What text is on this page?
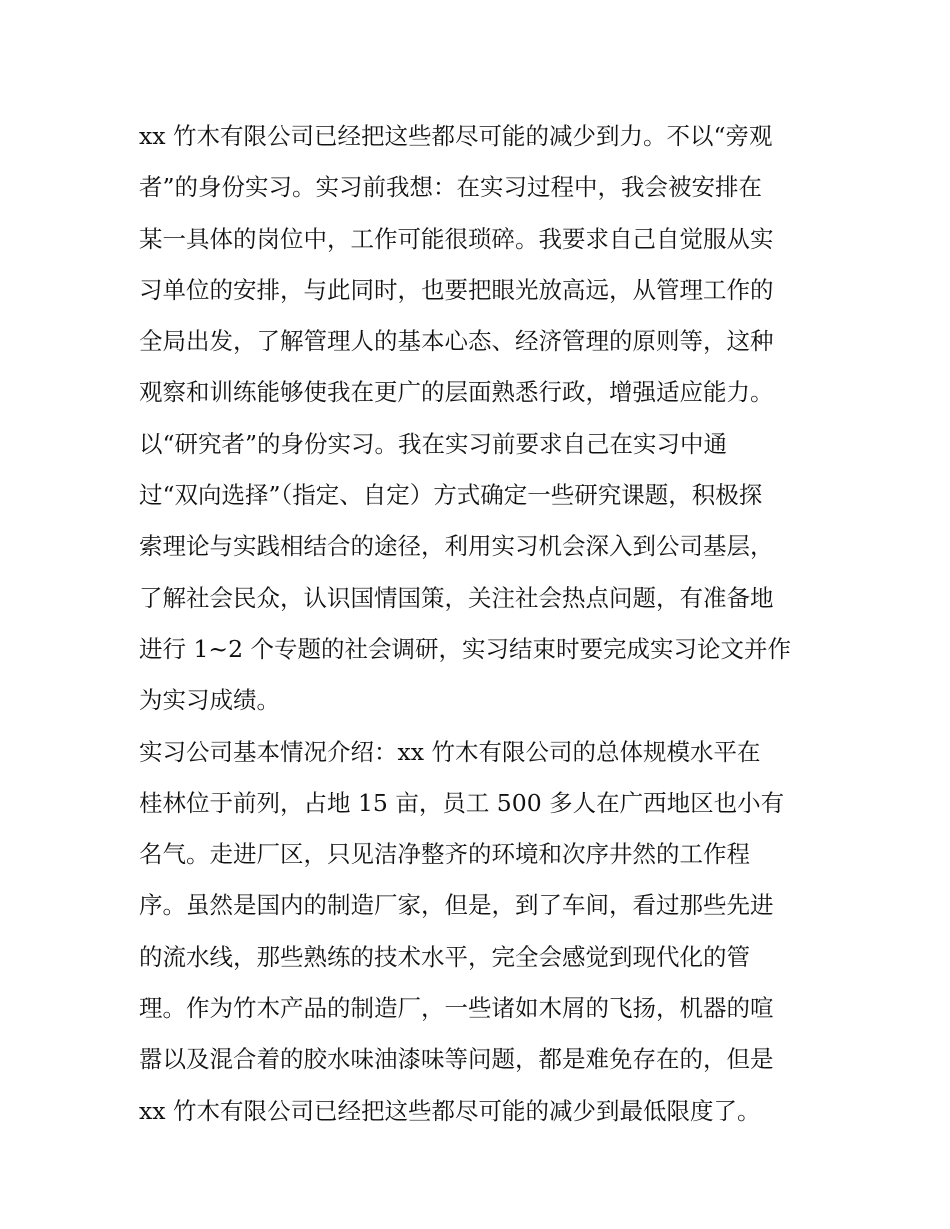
xx 竹木有限公司已经把这些都尽可能的减少到力。不以“旁观
者”的身份实习。实习前我想：在实习过程中，我会被安排在
某一具体的岗位中，工作可能很琐碎。我要求自己自觉服从实
习单位的安排，与此同时，也要把眼光放高远，从管理工作的
全局出发，了解管理人的基本心态、经济管理的原则等，这种
观察和训练能够使我在更广的层面熟悉行政，增强适应能力。
以“研究者”的身份实习。我在实习前要求自己在实习中通
过“双向选择”（指定、自定）方式确定一些研究课题，积极探
索理论与实践相结合的途径，利用实习机会深入到公司基层，
了解社会民众，认识国情国策，关注社会热点问题，有准备地
进行 1~2 个专题的社会调研，实习结束时要完成实习论文并作
为实习成绩。
实习公司基本情况介绍：xx 竹木有限公司的总体规模水平在
桂林位于前列，占地 15 亩，员工 500 多人在广西地区也小有
名气。走进厂区，只见洁净整齐的环境和次序井然的工作程
序。虽然是国内的制造厂家，但是，到了车间，看过那些先进
的流水线，那些熟练的技术水平，完全会感觉到现代化的管
理。作为竹木产品的制造厂，一些诸如木屑的飞扬，机器的喧
嚣以及混合着的胶水味油漆味等问题，都是难免存在的，但是
xx 竹木有限公司已经把这些都尽可能的减少到最低限度了。
